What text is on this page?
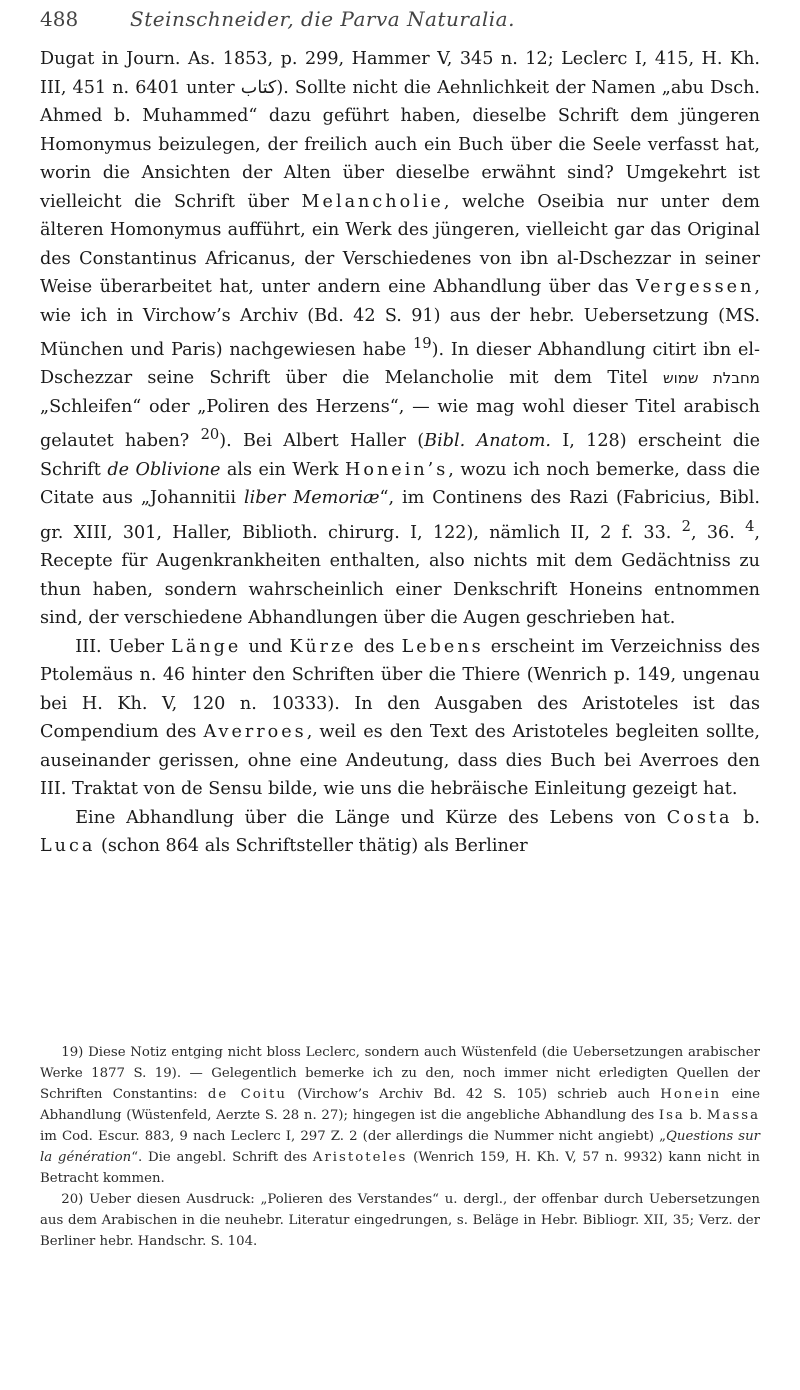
488	Steinschneider, die Parva Naturalia.

Dugat in Journ. As. 1853, p. 299, Hammer V, 345 n. 12; Leclerc I, 415, H. Kh. III, 451 n. 6401 unter كتاب). Sollte nicht die Aehnlichkeit der Namen „abu Dsch. Ahmed b. Muhammed“ dazu geführt haben, dieselbe Schrift dem jüngeren Homonymus beizulegen, der freilich auch ein Buch über die Seele verfasst hat, worin die Ansichten der Alten über dieselbe erwähnt sind? Umgekehrt ist vielleicht die Schrift über Melancholie, welche Oseibia nur unter dem älteren Homonymus aufführt, ein Werk des jüngeren, vielleicht gar das Original des Constantinus Africanus, der Verschiedenes von ibn al-Dschezzar in seiner Weise überarbeitet hat, unter andern eine Abhandlung über das Vergessen, wie ich in Virchow’s Archiv (Bd. 42 S. 91) aus der hebr. Uebersetzung (MS. München und Paris) nachgewiesen habe $^{19}$). In dieser Abhandlung citirt ibn el-Dschezzar seine Schrift über die Melancholie mit dem Titel מחבלת שמוש „Schleifen“ oder „Poliren des Herzens“, — wie mag wohl dieser Titel arabisch gelautet haben? $^{20}$). Bei Albert Haller (Bibl. Anatom. I, 128) erscheint die Schrift de Oblivione als ein Werk Honein’s, wozu ich noch bemerke, dass die Citate aus „Johannitii liber Memoriæ“, im Continens des Razi (Fabricius, Bibl. gr. XIII, 301, Haller, Biblioth. chirurg. I, 122), nämlich II, 2 f. 33. $^2$, 36. $^4$, Recepte für Augenkrankheiten enthalten, also nichts mit dem Gedächtniss zu thun haben, sondern wahrscheinlich einer Denkschrift Honeins entnommen sind, der verschiedene Abhandlungen über die Augen geschrieben hat.

III. Ueber Länge und Kürze des Lebens erscheint im Verzeichniss des Ptolemäus n. 46 hinter den Schriften über die Thiere (Wenrich p. 149, ungenau bei H. Kh. V, 120 n. 10333). In den Ausgaben des Aristoteles ist das Compendium des Averroes, weil es den Text des Aristoteles begleiten sollte, auseinander gerissen, ohne eine Andeutung, dass dies Buch bei Averroes den III. Traktat von de Sensu bilde, wie uns die hebräische Einleitung gezeigt hat.

Eine Abhandlung über die Länge und Kürze des Lebens von Costa b. Luca (schon 864 als Schriftsteller thätig) als Berliner

19) Diese Notiz entging nicht bloss Leclerc, sondern auch Wüstenfeld (die Uebersetzungen arabischer Werke 1877 S. 19). — Gelegentlich bemerke ich zu den, noch immer nicht erledigten Quellen der Schriften Constantins: de Coitu (Virchow’s Archiv Bd. 42 S. 105) schrieb auch Honein eine Abhandlung (Wüstenfeld, Aerzte S. 28 n. 27); hingegen ist die angebliche Abhandlung des Isa b. Massa im Cod. Escur. 883, 9 nach Leclerc I, 297 Z. 2 (der allerdings die Nummer nicht angiebt) „Questions sur la génération“. Die angebl. Schrift des Aristoteles (Wenrich 159, H. Kh. V, 57 n. 9932) kann nicht in Betracht kommen.

20) Ueber diesen Ausdruck: „Polieren des Verstandes“ u. dergl., der offenbar durch Uebersetzungen aus dem Arabischen in die neuhebr. Literatur eingedrungen, s. Beläge in Hebr. Bibliogr. XII, 35; Verz. der Berliner hebr. Handschr. S. 104.
